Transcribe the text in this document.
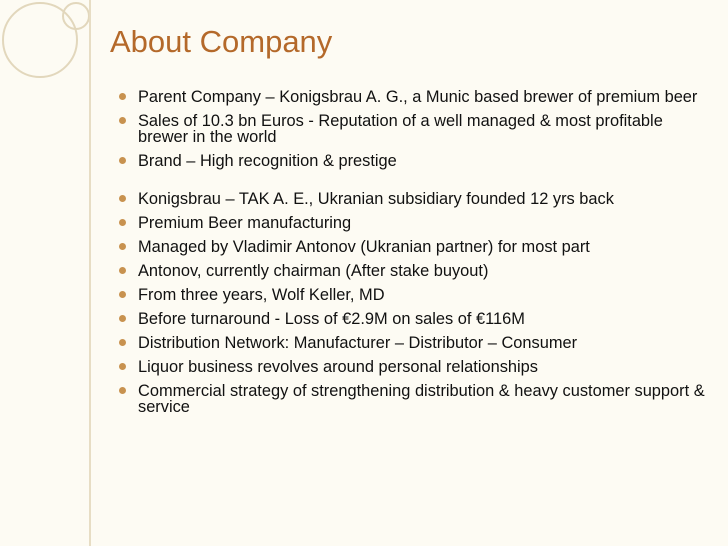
About Company
Parent Company – Konigsbrau A. G., a Munic based brewer of premium beer
Sales of 10.3 bn Euros - Reputation of a well managed & most profitable brewer in the world
Brand – High recognition & prestige
Konigsbrau – TAK A. E., Ukranian subsidiary founded 12 yrs back
Premium Beer manufacturing
Managed by Vladimir Antonov (Ukranian partner) for most part
Antonov, currently chairman (After stake buyout)
From three years, Wolf Keller, MD
Before turnaround - Loss of €2.9M on sales of €116M
Distribution Network: Manufacturer – Distributor – Consumer
Liquor business revolves around personal relationships
Commercial strategy of strengthening distribution & heavy customer support & service
